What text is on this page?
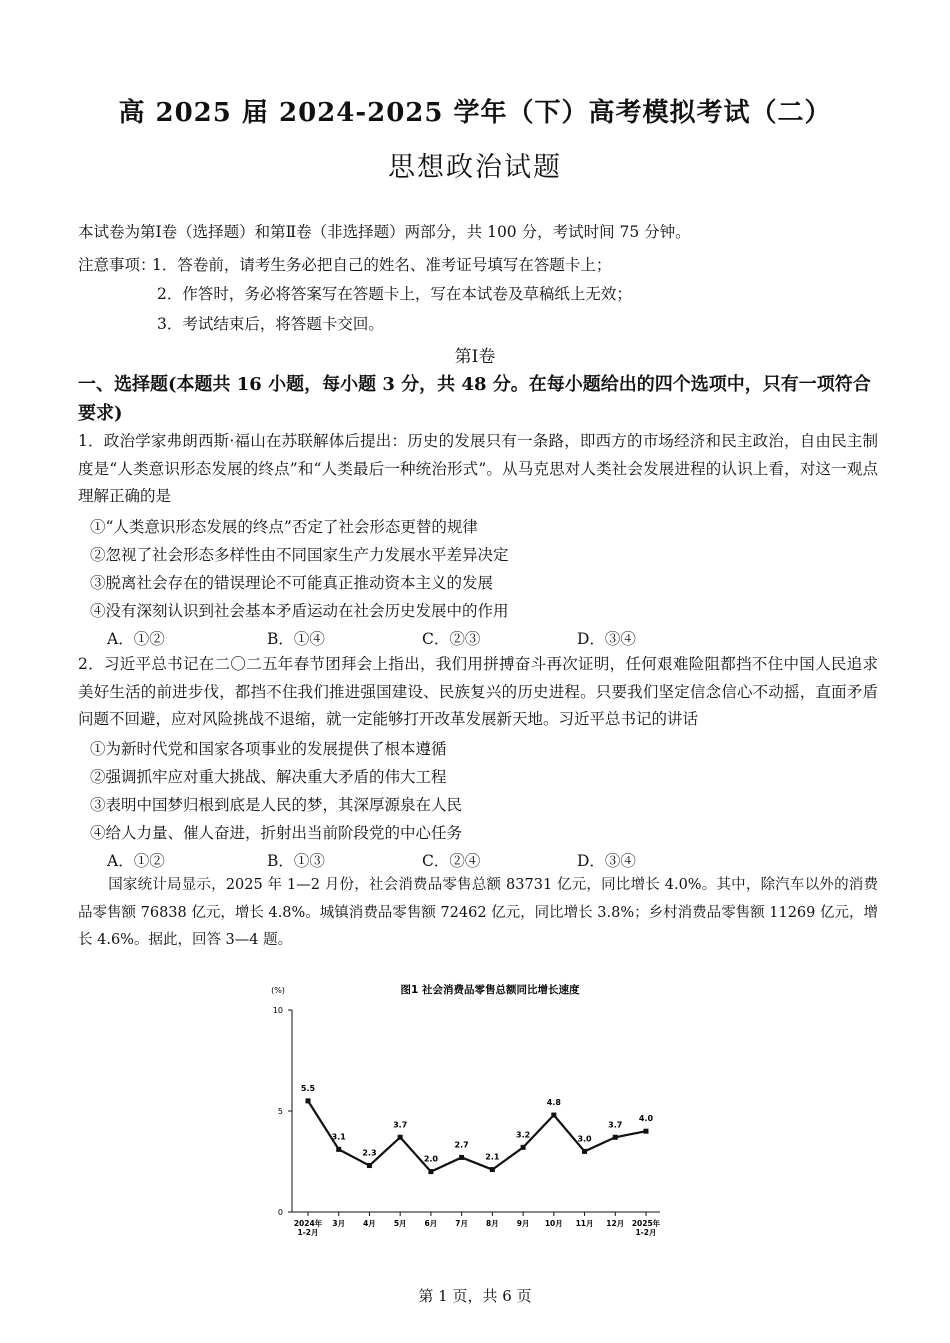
高 2025 届 2024-2025 学年（下）高考模拟考试（二）
思想政治试题
本试卷为第Ⅰ卷（选择题）和第Ⅱ卷（非选择题）两部分，共 100 分，考试时间 75 分钟。
注意事项：
1．答卷前，请考生务必把自己的姓名、准考证号填写在答题卡上；
2．作答时，务必将答案写在答题卡上，写在本试卷及草稿纸上无效；
3．考试结束后，将答题卡交回。
第Ⅰ卷
一、选择题(本题共 16 小题，每小题 3 分，共 48 分。在每小题给出的四个选项中，只有一项符合要求)
1．政治学家弗朗西斯·福山在苏联解体后提出：历史的发展只有一条路，即西方的市场经济和民主政治，自由民主制度是“人类意识形态发展的终点”和“人类最后一种统治形式”。从马克思对人类社会发展进程的认识上看，对这一观点理解正确的是
①“人类意识形态发展的终点”否定了社会形态更替的规律
②忽视了社会形态多样性由不同国家生产力发展水平差异决定
③脱离社会存在的错误理论不可能真正推动资本主义的发展
④没有深刻认识到社会基本矛盾运动在社会历史发展中的作用
A．①②	B．①④	C．②③	D．③④
2．习近平总书记在二〇二五年春节团拜会上指出，我们用拼搏奋斗再次证明，任何艰难险阻都挡不住中国人民追求美好生活的前进步伐，都挡不住我们推进强国建设、民族复兴的历史进程。只要我们坚定信念信心不动摇，直面矛盾问题不回避，应对风险挑战不退缩，就一定能够打开改革发展新天地。习近平总书记的讲话
①为新时代党和国家各项事业的发展提供了根本遵循
②强调抓牢应对重大挑战、解决重大矛盾的伟大工程
③表明中国梦归根到底是人民的梦，其深厚源泉在人民
④给人力量、催人奋进，折射出当前阶段党的中心任务
A．①②	B．①③	C．②④	D．③④
国家统计局显示，2025 年 1—2 月份，社会消费品零售总额 83731 亿元，同比增长 4.0%。其中，除汽车以外的消费品零售额 76838 亿元，增长 4.8%。城镇消费品零售额 72462 亿元，同比增长 3.8%；乡村消费品零售额 11269 亿元，增长 4.6%。据此，回答 3—4 题。
图1 社会消费品零售总额同比增长速度
(%)
0
5
10
2024年 1-2月
3月 4月 5月 6月 7月 8月 9月 10月 11月 12月 2025年 1-2月
5.5
3.1
2.3
3.7
2.0
2.7
2.1
3.2
4.8
3.0
3.7
4.0
第 1 页，共 6 页
